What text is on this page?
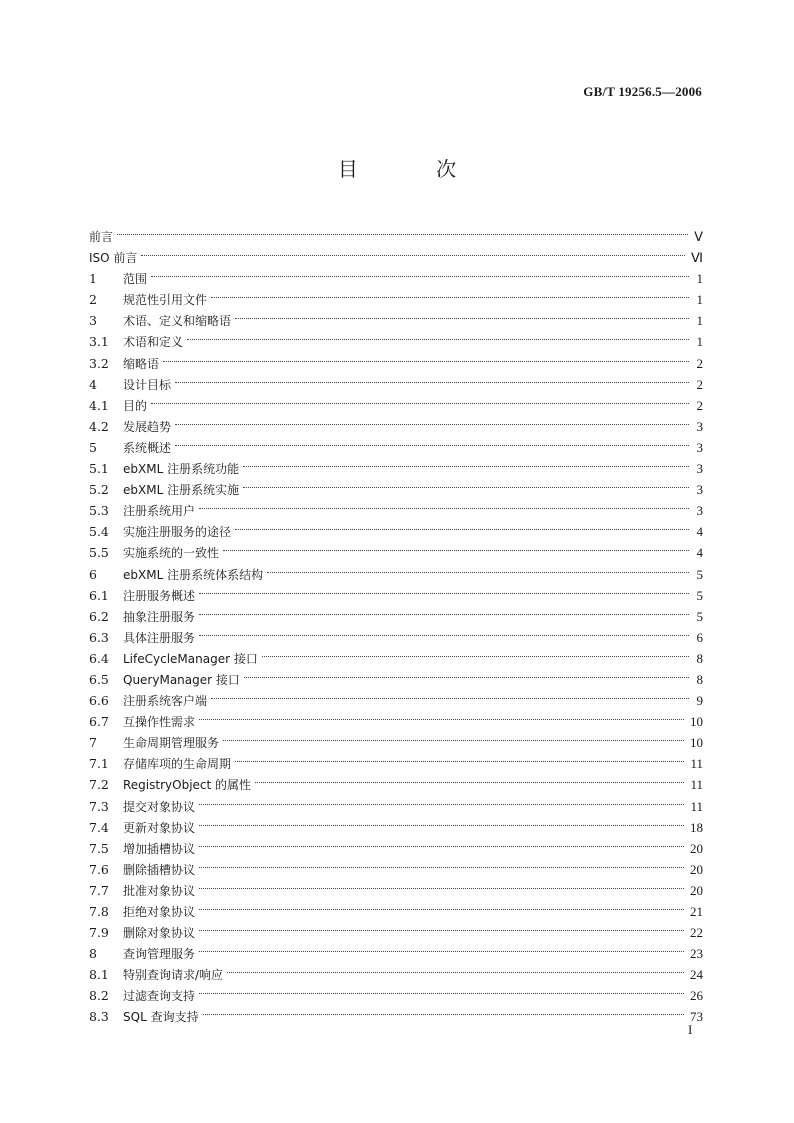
GB/T 19256.5—2006
目 次
前言	Ⅴ
ISO 前言	Ⅵ
1	范围	1
2	规范性引用文件	1
3	术语、定义和缩略语	1
3.1	术语和定义	1
3.2	缩略语	2
4	设计目标	2
4.1	目的	2
4.2	发展趋势	3
5	系统概述	3
5.1	ebXML 注册系统功能	3
5.2	ebXML 注册系统实施	3
5.3	注册系统用户	3
5.4	实施注册服务的途径	4
5.5	实施系统的一致性	4
6	ebXML 注册系统体系结构	5
6.1	注册服务概述	5
6.2	抽象注册服务	5
6.3	具体注册服务	6
6.4	LifeCycleManager 接口	8
6.5	QueryManager 接口	8
6.6	注册系统客户端	9
6.7	互操作性需求	10
7	生命周期管理服务	10
7.1	存储库项的生命周期	11
7.2	RegistryObject 的属性	11
7.3	提交对象协议	11
7.4	更新对象协议	18
7.5	增加插槽协议	20
7.6	删除插槽协议	20
7.7	批准对象协议	20
7.8	拒绝对象协议	21
7.9	删除对象协议	22
8	查询管理服务	23
8.1	特别查询请求/响应	24
8.2	过滤查询支持	26
8.3	SQL 查询支持	73
I
